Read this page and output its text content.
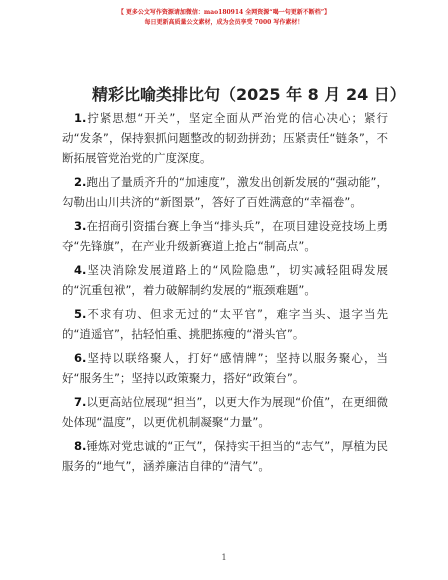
【 更多公文写作资源请加微信：mao180914 全网资源“喝一句更新不断档”】
每日更新高质量公文素材，成为会员享受 7000 写作素材！
精彩比喻类排比句（2025 年 8 月 24 日）

1.拧紧思想“开关”，坚定全面从严治党的信心决心；紧行动“发条”，保持狠抓问题整改的韧劲拼劲；压紧责任“链条”，不断拓展管党治党的广度深度。

2.跑出了量质齐升的“加速度”，激发出创新发展的“强动能”，勾勒出山川共济的“新图景”，答好了百姓满意的“幸福卷”。

3.在招商引资擂台赛上争当“排头兵”，在项目建设竞技场上勇夺“先锋旗”，在产业升级新赛道上抢占“制高点”。

4.坚决消除发展道路上的“风险隐患”，切实减轻阻碍发展的“沉重包袱”，着力破解制约发展的“瓶颈难题”。

5.不求有功、但求无过的“太平官”，难字当头、退字当先的“逍遥官”，拈轻怕重、挑肥拣瘦的“滑头官”。

6.坚持以联络聚人，打好“感情牌”；坚持以服务聚心，当好“服务生”；坚持以政策聚力，搭好“政策台”。

7.以更高站位展现“担当”，以更大作为展现“价值”，在更细微处体现“温度”，以更优机制凝聚“力量”。

8.锤炼对党忠诚的“正气”，保持实干担当的“志气”，厚植为民服务的“地气”，涵养廉洁自律的“清气”。

1
